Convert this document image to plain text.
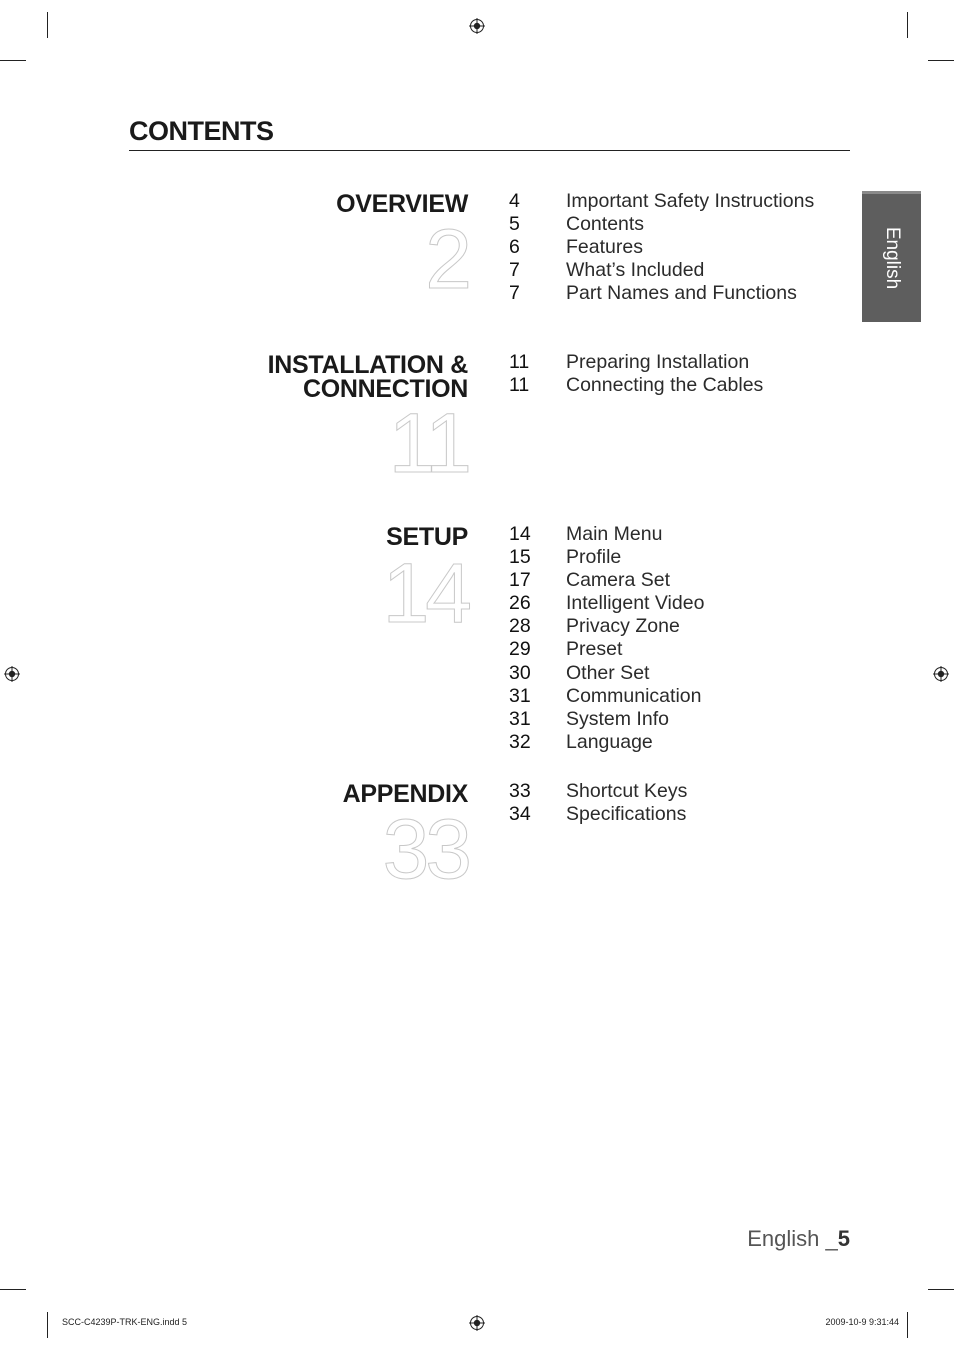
CONTENTS
English
OVERVIEW
2
4 Important Safety Instructions
5 Contents
6 Features
7 What’s Included
7 Part Names and Functions
INSTALLATION &
CONNECTION
11
11 Preparing Installation
11 Connecting the Cables
SETUP
14
14 Main Menu
15 Profile
17 Camera Set
26 Intelligent Video
28 Privacy Zone
29 Preset
30 Other Set
31 Communication
31 System Info
32 Language
APPENDIX
33
33 Shortcut Keys
34 Specifications
English _5
SCC-C4239P-TRK-ENG.indd 5	2009-10-9 9:31:44
